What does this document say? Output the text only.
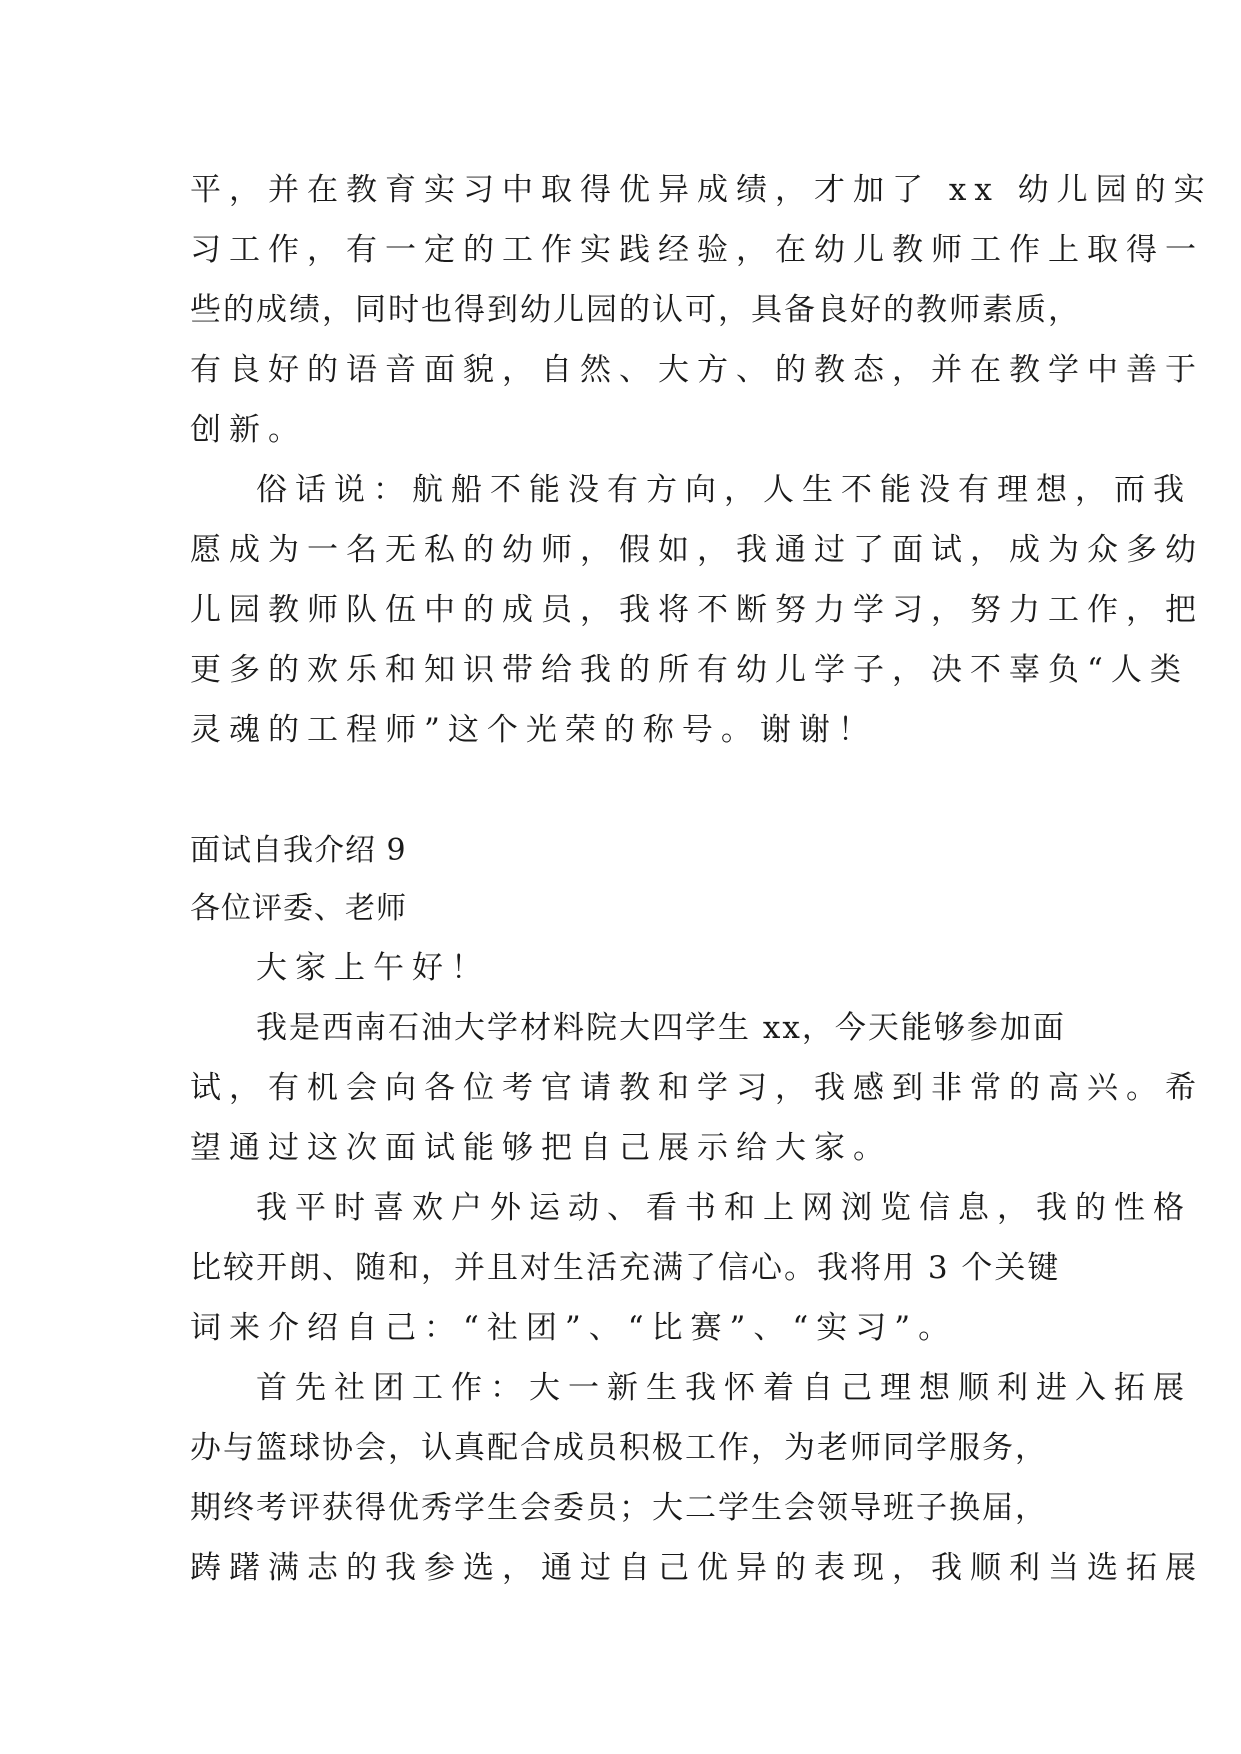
平，并在教育实习中取得优异成绩，才加了 xx 幼儿园的实
习工作，有一定的工作实践经验，在幼儿教师工作上取得一
些的成绩，同时也得到幼儿园的认可，具备良好的教师素质，
有良好的语音面貌，自然、大方、的教态，并在教学中善于
创新。
俗话说：航船不能没有方向，人生不能没有理想，而我
愿成为一名无私的幼师，假如，我通过了面试，成为众多幼
儿园教师队伍中的成员，我将不断努力学习，努力工作，把
更多的欢乐和知识带给我的所有幼儿学子，决不辜负“人类
灵魂的工程师”这个光荣的称号。谢谢！
面试自我介绍 9
各位评委、老师
大家上午好！
我是西南石油大学材料院大四学生 xx，今天能够参加面
试，有机会向各位考官请教和学习，我感到非常的高兴。希
望通过这次面试能够把自己展示给大家。
我平时喜欢户外运动、看书和上网浏览信息，我的性格
比较开朗、随和，并且对生活充满了信心。我将用 3 个关键
词来介绍自己：“社团”、“比赛”、“实习”。
首先社团工作：大一新生我怀着自己理想顺利进入拓展
办与篮球协会，认真配合成员积极工作，为老师同学服务，
期终考评获得优秀学生会委员；大二学生会领导班子换届，
踌躇满志的我参选，通过自己优异的表现，我顺利当选拓展
